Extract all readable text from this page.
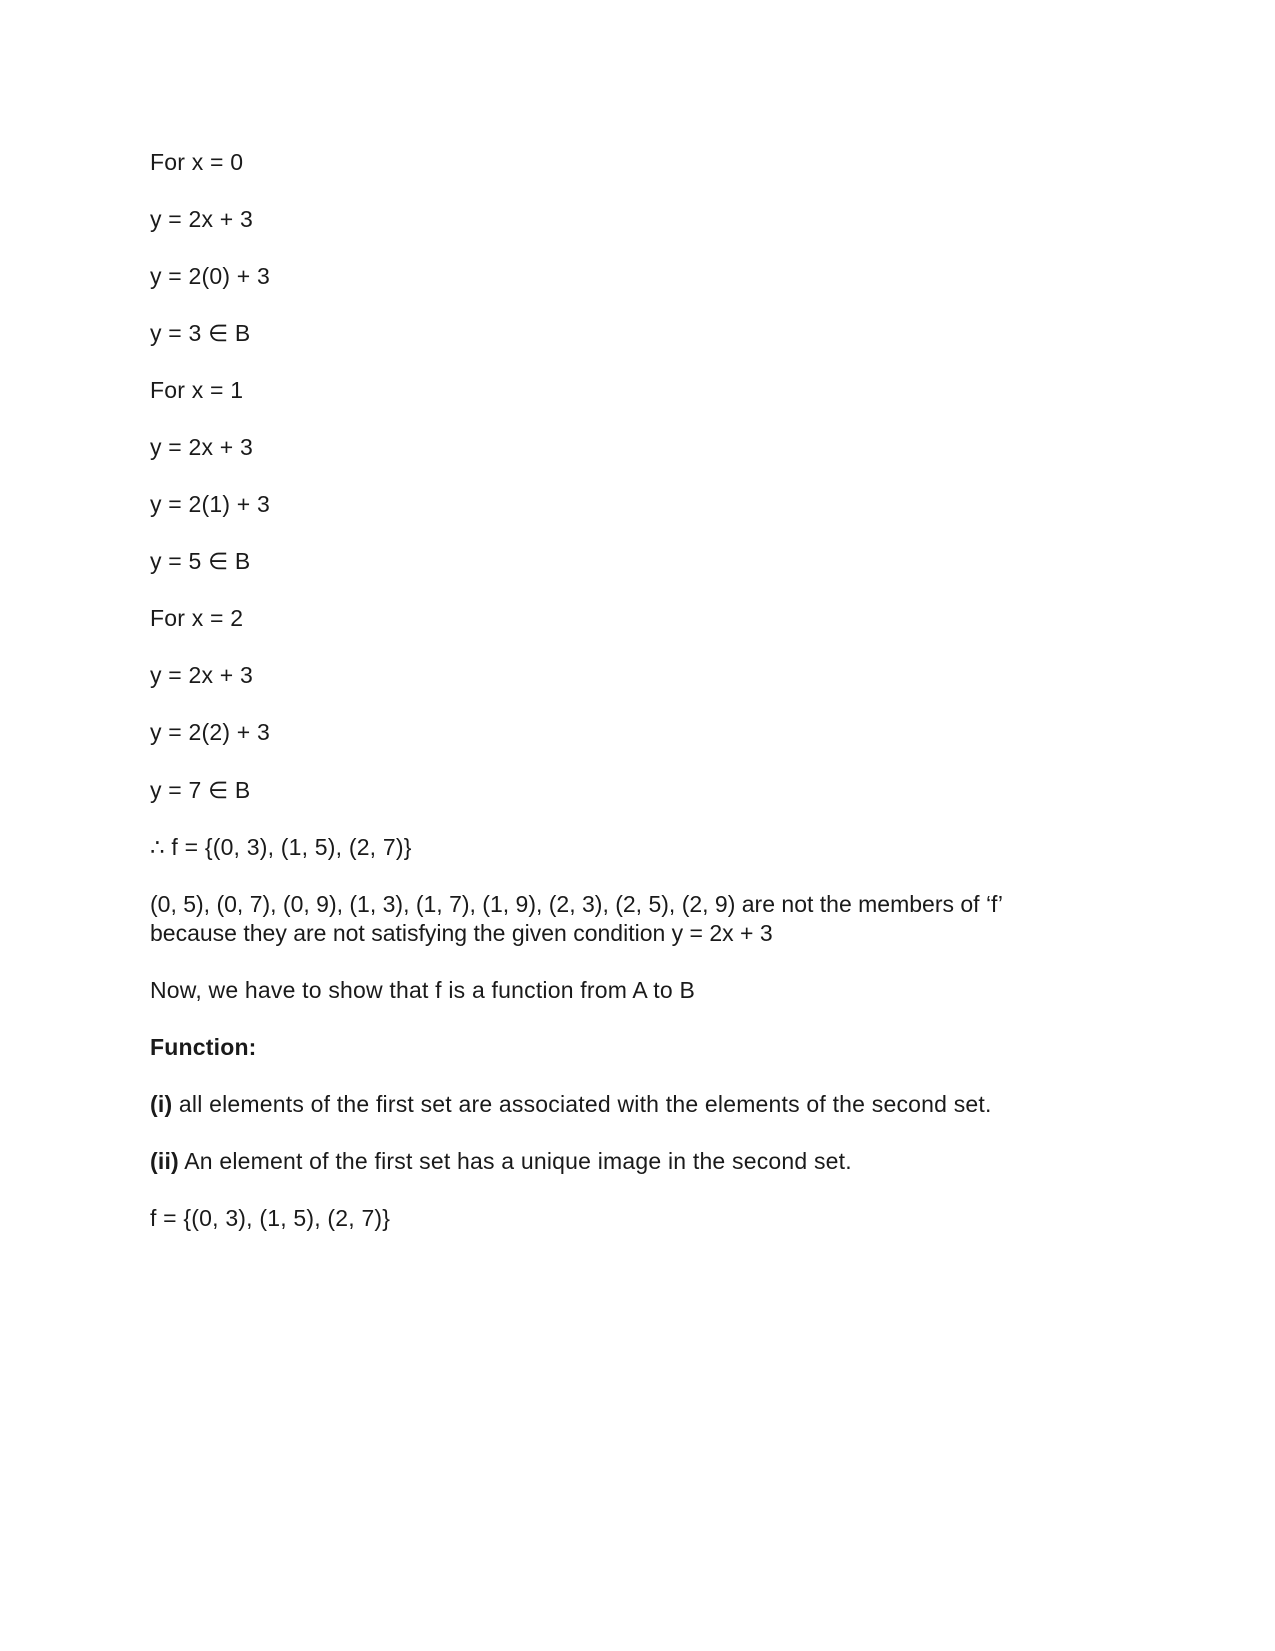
For x = 0
y = 2x + 3
y = 2(0) + 3
y = 3 ∈ B
For x = 1
y = 2x + 3
y = 2(1) + 3
y = 5 ∈ B
For x = 2
y = 2x + 3
y = 2(2) + 3
y = 7 ∈ B
∴ f = {(0, 3), (1, 5), (2, 7)}
(0, 5), (0, 7), (0, 9), (1, 3), (1, 7), (1, 9), (2, 3), (2, 5), (2, 9) are not the members of ‘f’
because they are not satisfying the given condition y = 2x + 3
Now, we have to show that f is a function from A to B
Function:
(i) all elements of the first set are associated with the elements of the second set.
(ii) An element of the first set has a unique image in the second set.
f = {(0, 3), (1, 5), (2, 7)}
